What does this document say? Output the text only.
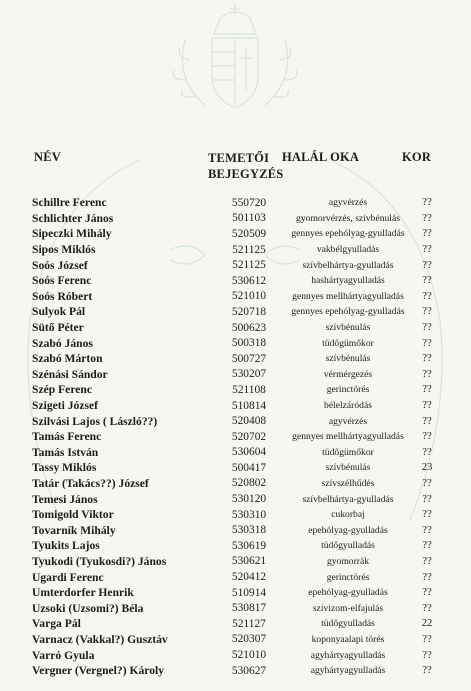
NÉV	TEMETŐI
BEJEGYZÉS
HALÁL OKA	KOR
Schillre Ferenc	550720	agyvérzés	??
Schlichter János	501103	gyomorvérzés, szívbénulás	??
Sipeczki Mihály	520509	gennyes epehólyag-gyulladás	??
Sipos Miklós	521125	vakbélgyulladás	??
Soós József	521125	szívbelhártya-gyulladás	??
Soós Ferenc	530612	hashártyagyulladás	??
Soós Róbert	521010	gennyes mellhártyagyulladás	??
Sulyok Pál	520718	gennyes epehólyag-gyulladás	??
Sütő Péter	500623	szívbénulás	??
Szabó János	500318	tüdőgümőkor	??
Szabó Márton	500727	szívbénulás	??
Szénási Sándor	530207	vérmérgezés	??
Szép Ferenc	521108	gerinctörés	??
Szigeti József	510814	bélelzáródás	??
Szilvási Lajos ( László??)	520408	agyvérzés	??
Tamás Ferenc	520702	gennyes mellhártyagyulladás	??
Tamás István	530604	tüdőgümőkor	??
Tassy Miklós	500417	szívbénulás	23
Tatár (Takács??) József	520802	szívszélhűdés	??
Temesi János	530120	szívbelhártya-gyulladás	??
Tomigold Viktor	530310	cukorbaj	??
Tovarník Mihály	530318	epehólyag-gyulladás	??
Tyukits Lajos	530619	tüdőgyulladás	??
Tyukodi (Tyukosdi?) János	530621	gyomorrák	??
Ugardi Ferenc	520412	gerinctörés	??
Umterdorfer Henrik	510914	epehólyag-gyulladás	??
Uzsoki (Uzsomi?) Béla	530817	szívizom-elfajulás	??
Varga Pál	521127	tüdőgyulladás	22
Varnacz (Vakkal?) Gusztáv	520307	koponyaalapi törés	??
Varró Gyula	521010	agyhártyagyulladás	??
Vergner (Vergnel?) Károly	530627	agyhártyagyulladás	??
